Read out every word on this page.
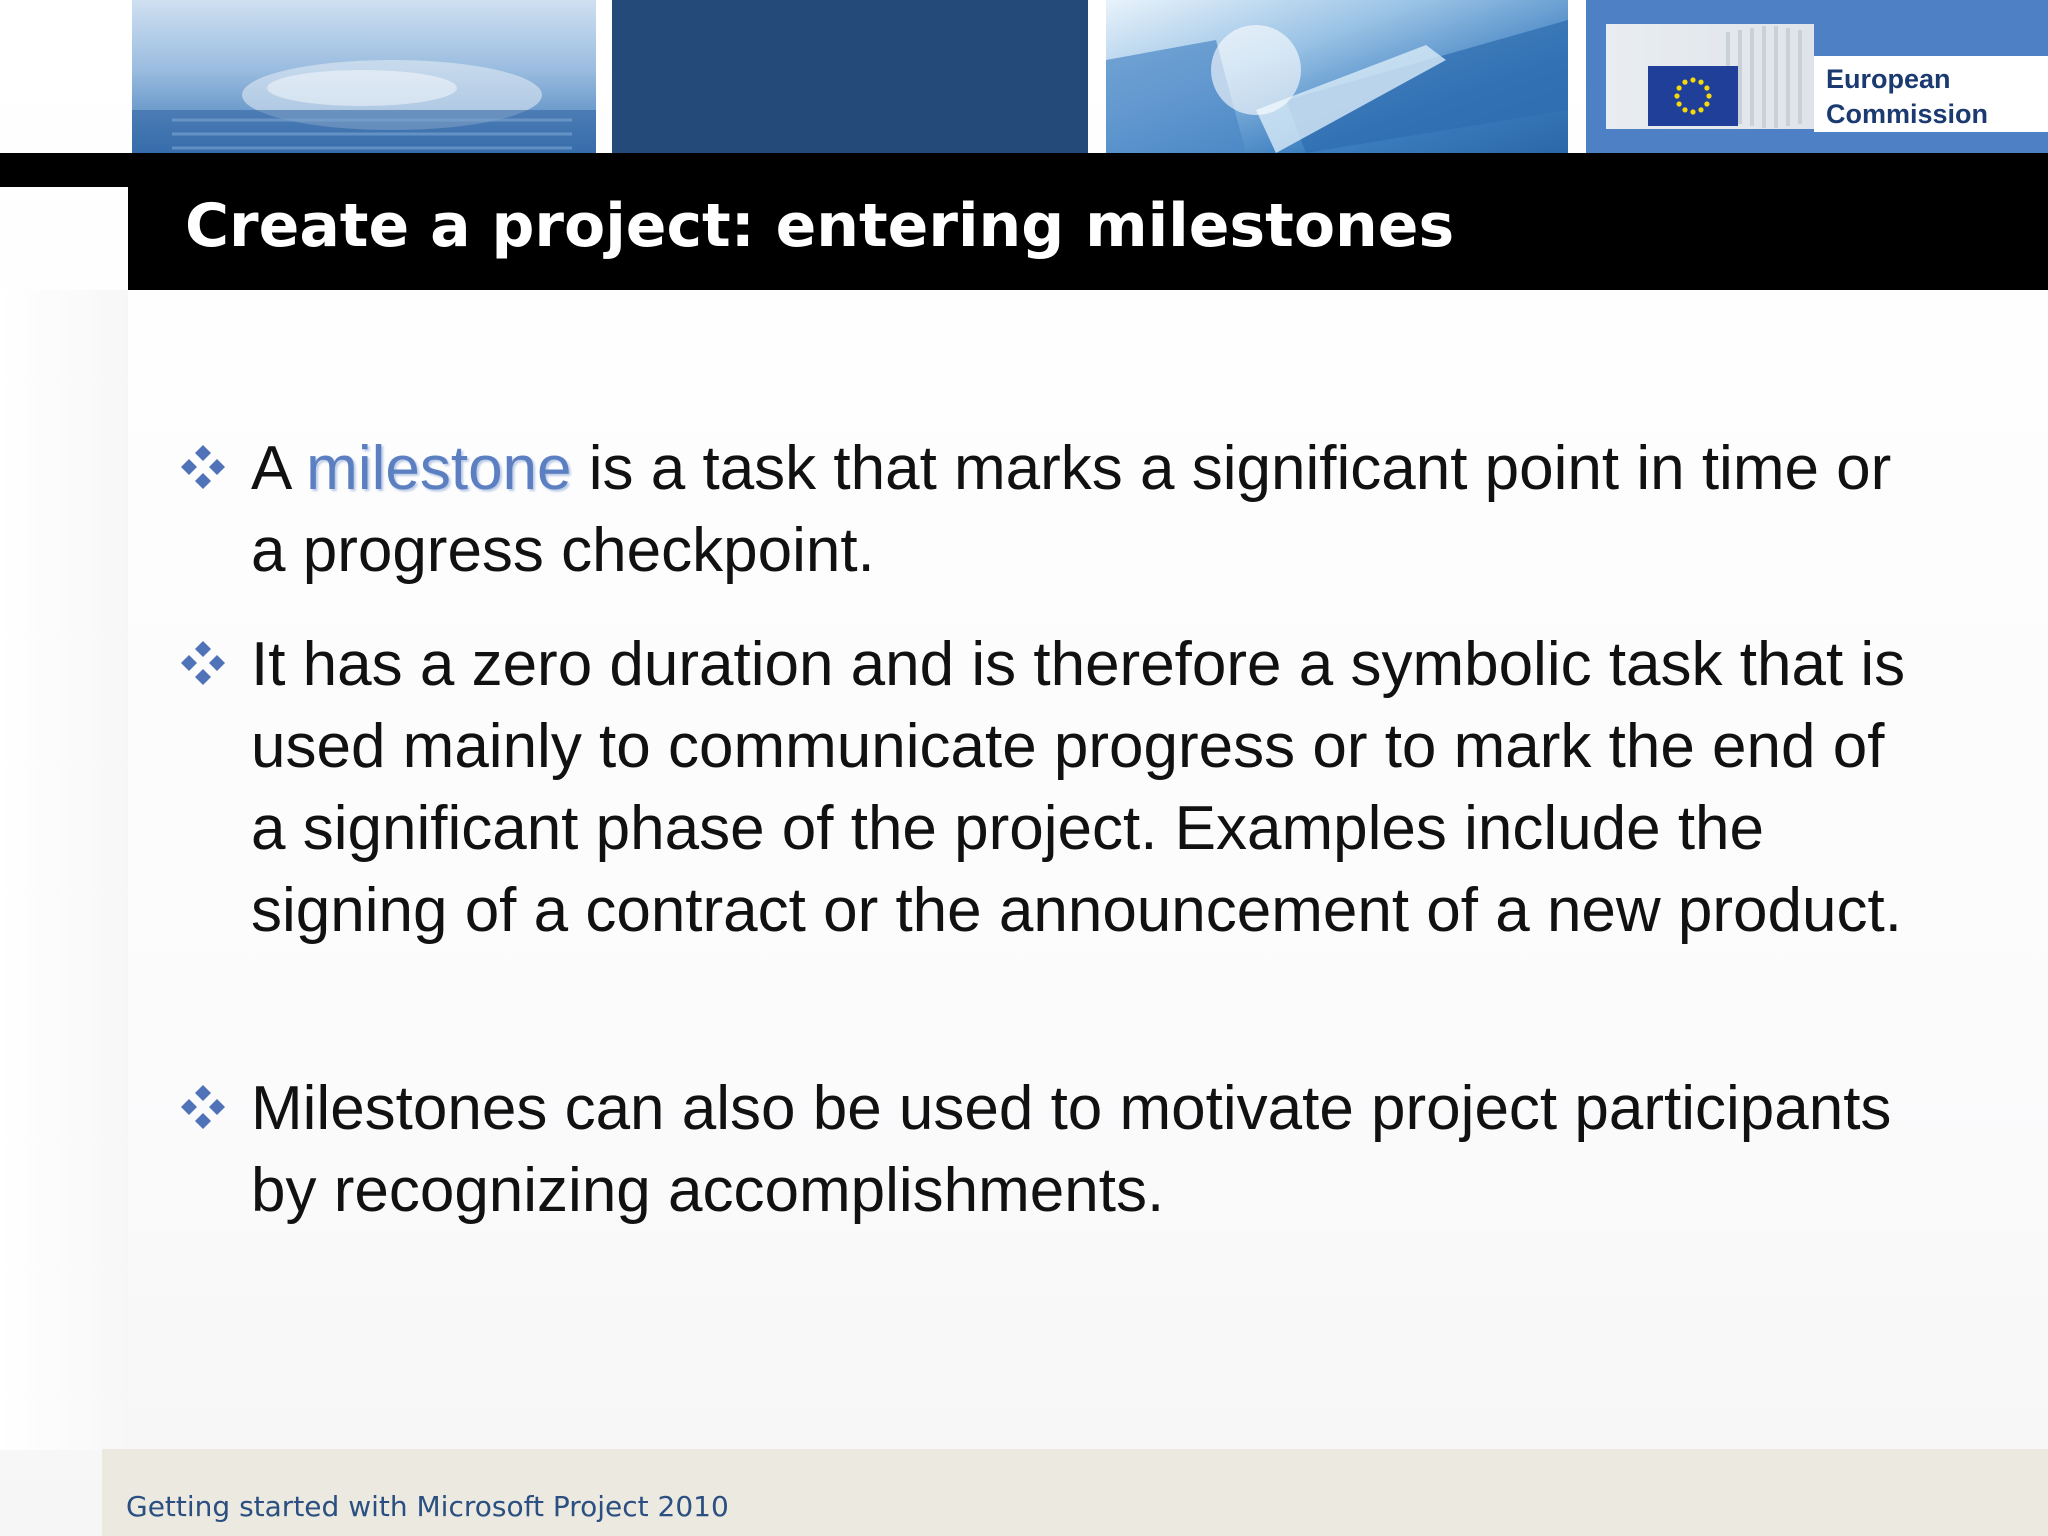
European
Commission
Create a project: entering milestones
A milestone is a task that marks a significant point in time or a progress checkpoint.
It has a zero duration and is therefore a symbolic task that is used mainly to communicate progress or to mark the end of a significant phase of the project. Examples include the signing of a contract or the announcement of a new product.
Milestones can also be used to motivate project participants by recognizing accomplishments.
Getting started with Microsoft Project 2010
